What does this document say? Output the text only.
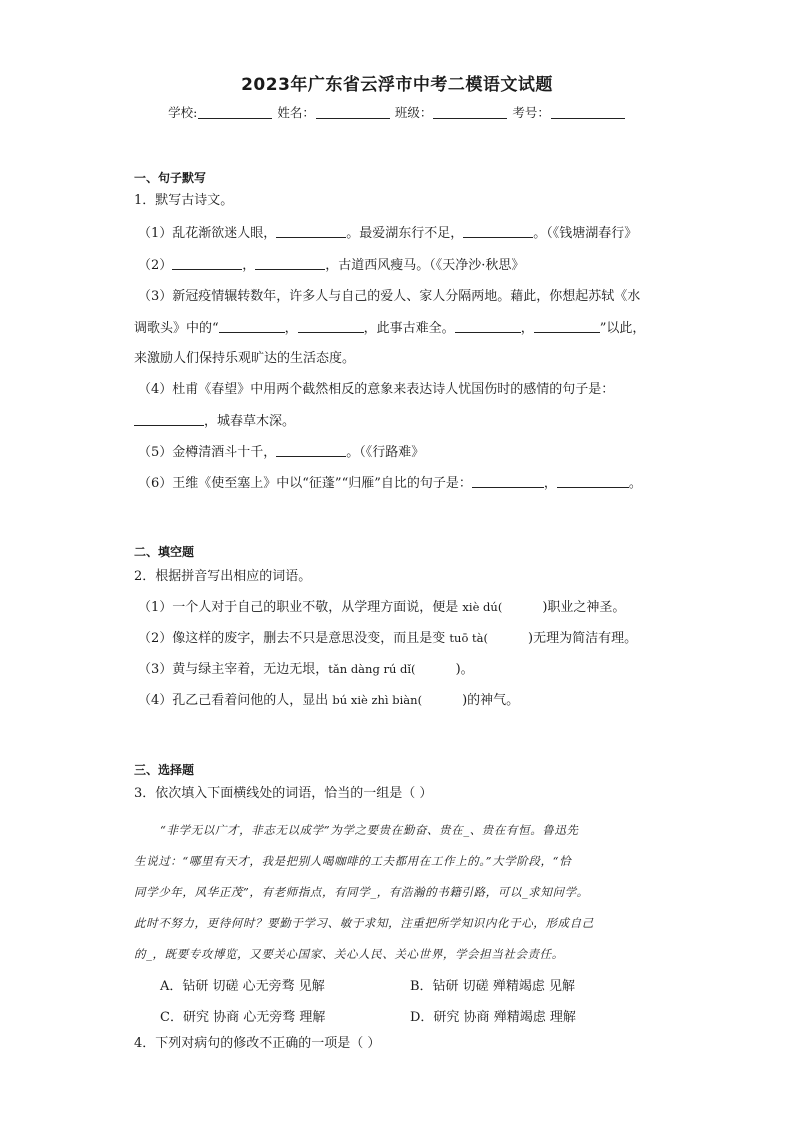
2023年广东省云浮市中考二模语文试题
学校:	姓名：	班级：	考号：
一、句子默写
1．默写古诗文。
（1）乱花渐欲迷人眼，	。最爱湖东行不足，	。（《钱塘湖春行》
（2）	，	，古道西风瘦马。（《天净沙·秋思》
（3）新冠疫情辗转数年，许多人与自己的爱人、家人分隔两地。藉此，你想起苏轼《水
调歌头》中的“	，	，此事古难全。	，	”以此，
来激励人们保持乐观旷达的生活态度。
（4）杜甫《春望》中用两个截然相反的意象来表达诗人忧国伤时的感情的句子是：
，城春草木深。
（5）金樽清酒斗十千，	。（《行路难》
（6）王维《使至塞上》中以“征蓬”“归雁”自比的句子是：	，	。
二、填空题
2．根据拼音写出相应的词语。
（1）一个人对于自己的职业不敬，从学理方面说，便是 xiè dú(	)职业之神圣。
（2）像这样的废字，删去不只是意思没变，而且是变 tuō tà(	)无理为简洁有理。
（3）黄与绿主宰着，无边无垠，tǎn dàng rú dǐ(	)。
（4）孔乙己看着问他的人，显出 bú xiè zhì biàn(	)的神气。
三、选择题
3．依次填入下面横线处的词语，恰当的一组是（ ）
“非学无以广才，非志无以成学”为学之要贵在勤奋、贵在_、贵在有恒。鲁迅先
生说过：“哪里有天才，我是把别人喝咖啡的工夫都用在工作上的。”大学阶段，“恰
同学少年，风华正茂”，有老师指点，有同学_，有浩瀚的书籍引路，可以_求知问学。
此时不努力，更待何时？要勤于学习、敏于求知，注重把所学知识内化于心，形成自己
的_，既要专攻博览，又要关心国家、关心人民、关心世界，学会担当社会责任。
A．钻研 切磋 心无旁骛 见解	B．钻研 切磋 殚精竭虑 见解
C．研究 协商 心无旁骛 理解	D．研究 协商 殚精竭虑 理解
4．下列对病句的修改不正确的一项是（ ）
